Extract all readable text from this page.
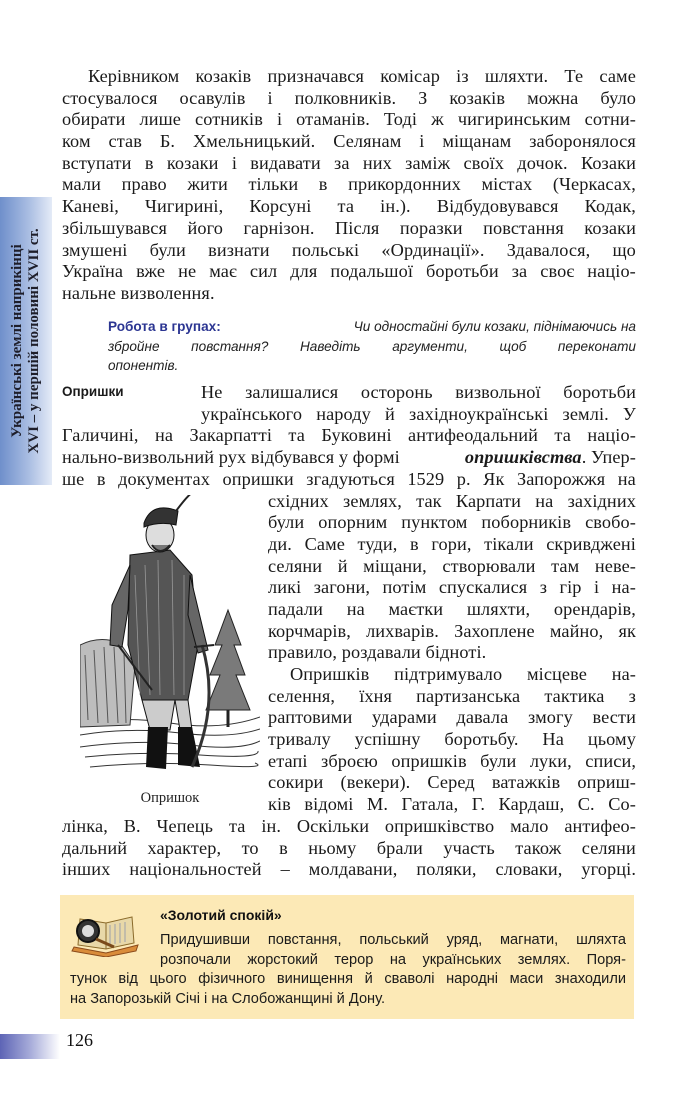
Українські землі наприкінці XVI – у першій половині XVII ст.
Керівником козаків призначався комісар із шляхти. Те саме
стосувалося осавулів і полковників. З козаків можна було
обирати лише сотників і отаманів. Тоді ж чигиринським сотни-
ком став Б. Хмельницький. Селянам і міщанам заборонялося
вступати в козаки і видавати за них заміж своїх дочок. Козаки
мали право жити тільки в прикордонних містах (Черкасах,
Каневі, Чигирині, Корсуні та ін.). Відбудовувався Кодак,
збільшувався його гарнізон. Після поразки повстання козаки
змушені були визнати польські «Ординації». Здавалося, що
Україна вже не має сил для подальшої боротьби за своє націо-
нальне визволення.
Робота в групах:	Чи одностайні були козаки, піднімаючись на
збройне повстання? Наведіть аргументи, щоб переконати
опонентів.
Опришки	Не залишалися осторонь визвольної боротьби
українського народу й західноукраїнські землі. У
Галичині, на Закарпатті та Буковині антифеодальний та націо-
нально-визвольний рух відбувався у формі	опришківства. Упер-
ше в документах опришки згадуються 1529 р. Як Запорожжя на
східних землях, так Карпати на західних
були опорним пунктом поборників свобо-
ди. Саме туди, в гори, тікали скривджені
селяни й міщани, створювали там неве-
ликі загони, потім спускалися з гір і на-
падали на маєтки шляхти, орендарів,
корчмарів, лихварів. Захоплене майно, як
правило, роздавали бідноті.
Опришків підтримувало місцеве на-
селення, їхня партизанська тактика з
раптовими ударами давала змогу вести
тривалу успішну боротьбу. На цьому
етапі зброєю опришків були луки, списи,
сокири (векери). Серед ватажків оприш-
ків відомі М. Гатала, Г. Кардаш, С. Со-
лінка, В. Чепець та ін. Оскільки опришківство мало антифео-
дальний характер, то в ньому брали участь також селяни
інших національностей – молдавани, поляки, словаки, угорці.
Опришок
«Золотий спокій»
Придушивши повстання, польський уряд, магнати, шляхта
розпочали жорстокий терор на українських землях. Поря-
тунок від цього фізичного винищення й сваволі народні маси знаходили
на Запорозькій Січі і на Слобожанщині й Дону.
126
